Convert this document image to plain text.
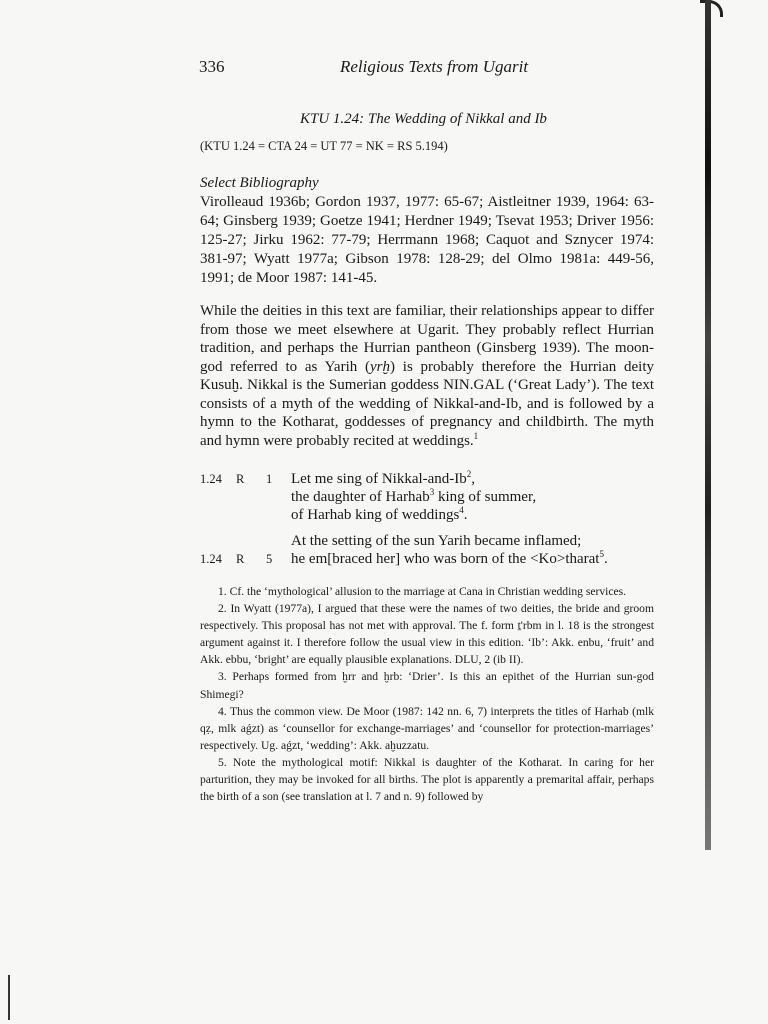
336	Religious Texts from Ugarit
KTU 1.24: The Wedding of Nikkal and Ib
(KTU 1.24 = CTA 24 = UT 77 = NK = RS 5.194)
Select Bibliography
Virolleaud 1936b; Gordon 1937, 1977: 65-67; Aistleitner 1939, 1964: 63-64; Ginsberg 1939; Goetze 1941; Herdner 1949; Tsevat 1953; Driver 1956: 125-27; Jirku 1962: 77-79; Herrmann 1968; Caquot and Sznycer 1974: 381-97; Wyatt 1977a; Gibson 1978: 128-29; del Olmo 1981a: 449-56, 1991; de Moor 1987: 141-45.
While the deities in this text are familiar, their relationships appear to differ from those we meet elsewhere at Ugarit. They probably reflect Hurrian tradition, and perhaps the Hurrian pantheon (Ginsberg 1939). The moon-god referred to as Yarih (yrḫ) is probably therefore the Hurrian deity Kusuḫ. Nikkal is the Sumerian goddess NIN.GAL (‘Great Lady’). The text consists of a myth of the wedding of Nikkal-and-Ib, and is followed by a hymn to the Kotharat, goddesses of pregnancy and childbirth. The myth and hymn were probably recited at weddings.$^1$
1.24 R 1 Let me sing of Nikkal-and-Ib$^2$,
the daughter of Harhab$^3$ king of summer,
of Harhab king of weddings$^4$.
At the setting of the sun Yarih became inflamed;
1.24 R 5 he em[braced her] who was born of the <Ko>tharat$^5$.

1. Cf. the ‘mythological’ allusion to the marriage at Cana in Christian wedding services.

2. In Wyatt (1977a), I argued that these were the names of two deities, the bride and groom respectively. This proposal has not met with approval. The f. form ṯ'rbm in l. 18 is the strongest argument against it. I therefore follow the usual view in this edition. ‘Ib’: Akk. enbu, ‘fruit’ and Akk. ebbu, ‘bright’ are equally plausible explanations. DLU, 2 (ib II).

3. Perhaps formed from ḫrr and ḫrb: ‘Drier’. Is this an epithet of the Hurrian sun-god Shimegi?

4. Thus the common view. De Moor (1987: 142 nn. 6, 7) interprets the titles of Harhab (mlk qẓ, mlk aǵzt) as ‘counsellor for exchange-marriages’ and ‘counsellor for protection-marriages’ respectively. Ug. aǵzt, ‘wedding’: Akk. aḫuzzatu.

5. Note the mythological motif: Nikkal is daughter of the Kotharat. In caring for her parturition, they may be invoked for all births. The plot is apparently a premarital affair, perhaps the birth of a son (see translation at l. 7 and n. 9) followed by
